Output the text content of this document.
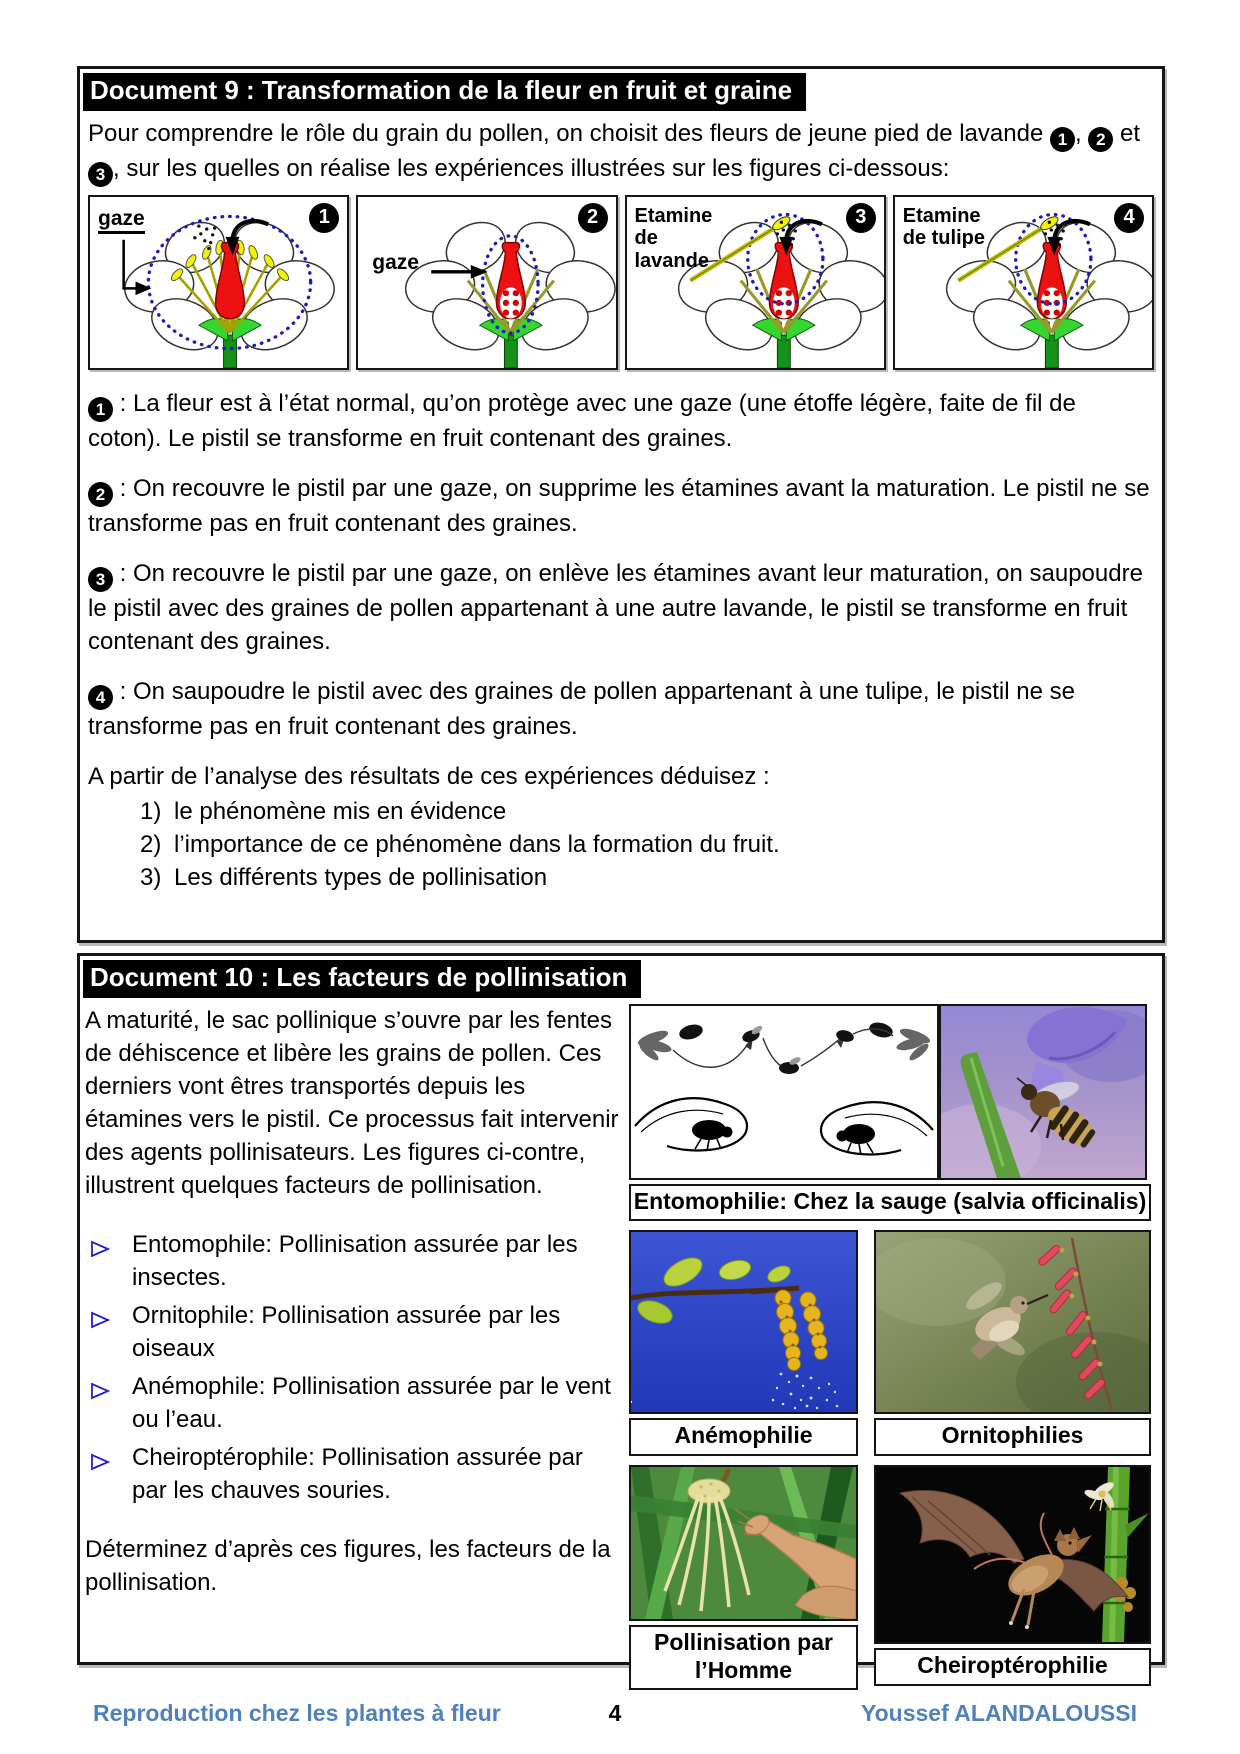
Document 9 : Transformation de la fleur en fruit et graine

Pour comprendre le rôle du grain du pollen, on choisit des fleurs de jeune pied de lavande 1 , 2 et 3 , sur les quelles on réalise les expériences illustrées sur les figures ci-dessous:

gaze	1
gaze
2	Etamine de lavande
3	Etamine de tulipe
4

1 : La fleur est à l’état normal, qu’on protège avec une gaze (une étoffe légère, faite de fil de coton). Le pistil se transforme en fruit contenant des graines.

2 : On recouvre le pistil par une gaze, on supprime les étamines avant la maturation. Le pistil ne se transforme pas en fruit contenant des graines.

3 : On recouvre le pistil par une gaze, on enlève les étamines avant leur maturation, on saupoudre le pistil avec des graines de pollen appartenant à une autre lavande, le pistil se transforme en fruit contenant des graines.

4 : On saupoudre le pistil avec des graines de pollen appartenant à une tulipe, le pistil ne se transforme pas en fruit contenant des graines.

A partir de l’analyse des résultats de ces expériences déduisez :

1) le phénomène mis en évidence
2) l’importance de ce phénomène dans la formation du fruit.
3) Les différents types de pollinisation
Document 10 : Les facteurs de pollinisation

A maturité, le sac pollinique s’ouvre par les fentes de déhiscence et libère les grains de pollen. Ces derniers vont êtres transportés depuis les étamines vers le pistil. Ce processus fait intervenir des agents pollinisateurs. Les figures ci-contre, illustrent quelques facteurs de pollinisation.

Entomophile: Pollinisation assurée par les insectes.
Ornitophile: Pollinisation assurée par les oiseaux
Anémophile: Pollinisation assurée par le vent ou l’eau.
Cheiroptérophile: Pollinisation assurée par par les chauves souries.

Déterminez d’après ces figures, les facteurs de la pollinisation.

Entomophilie: Chez la sauge (salvia officinalis)
Anémophilie	Ornitophilies
Pollinisation par l’Homme	Cheiroptérophilie
Reproduction chez les plantes à fleur	4	Youssef ALANDALOUSSI
